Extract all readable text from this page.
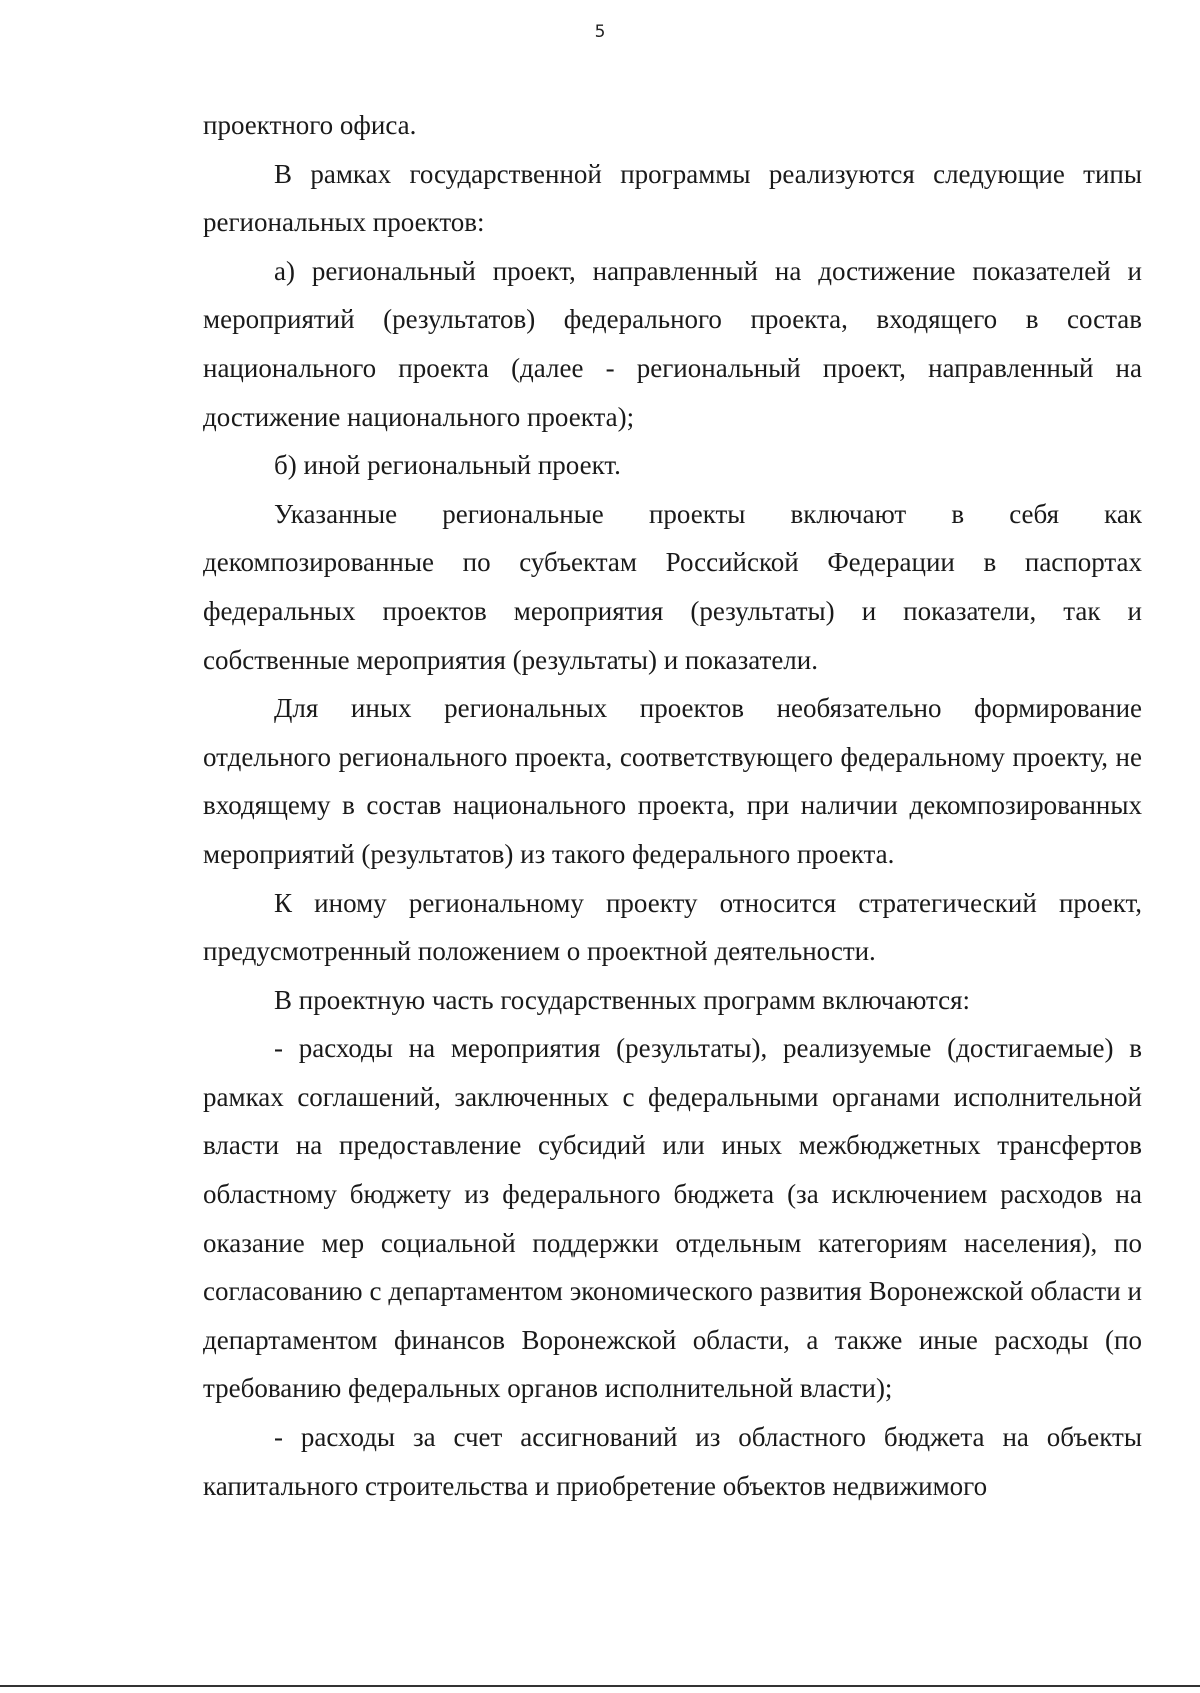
5

проектного офиса.

В рамках государственной программы реализуются следующие типы региональных проектов:

а) региональный проект, направленный на достижение показателей и мероприятий (результатов) федерального проекта, входящего в состав национального проекта (далее - региональный проект, направленный на достижение национального проекта);

б) иной региональный проект.

Указанные региональные проекты включают в себя как декомпозированные по субъектам Российской Федерации в паспортах федеральных проектов мероприятия (результаты) и показатели, так и собственные мероприятия (результаты) и показатели.

Для иных региональных проектов необязательно формирование отдельного регионального проекта, соответствующего федеральному проекту, не входящему в состав национального проекта, при наличии декомпозированных мероприятий (результатов) из такого федерального проекта.

К иному региональному проекту относится стратегический проект, предусмотренный положением о проектной деятельности.

В проектную часть государственных программ включаются:

- расходы на мероприятия (результаты), реализуемые (достигаемые) в рамках соглашений, заключенных с федеральными органами исполнительной власти на предоставление субсидий или иных межбюджетных трансфертов областному бюджету из федерального бюджета (за исключением расходов на оказание мер социальной поддержки отдельным категориям населения), по согласованию с департаментом экономического развития Воронежской области и департаментом финансов Воронежской области, а также иные расходы (по требованию федеральных органов исполнительной власти);

- расходы за счет ассигнований из областного бюджета на объекты капитального строительства и приобретение объектов недвижимого
